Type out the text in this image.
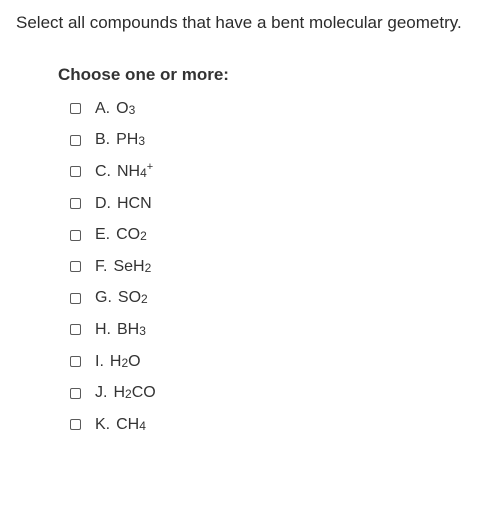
Select all compounds that have a bent molecular geometry.
Choose one or more:
A. O3
B. PH3
C. NH4+
D. HCN
E. CO2
F. SeH2
G. SO2
H. BH3
I. H2O
J. H2CO
K. CH4
